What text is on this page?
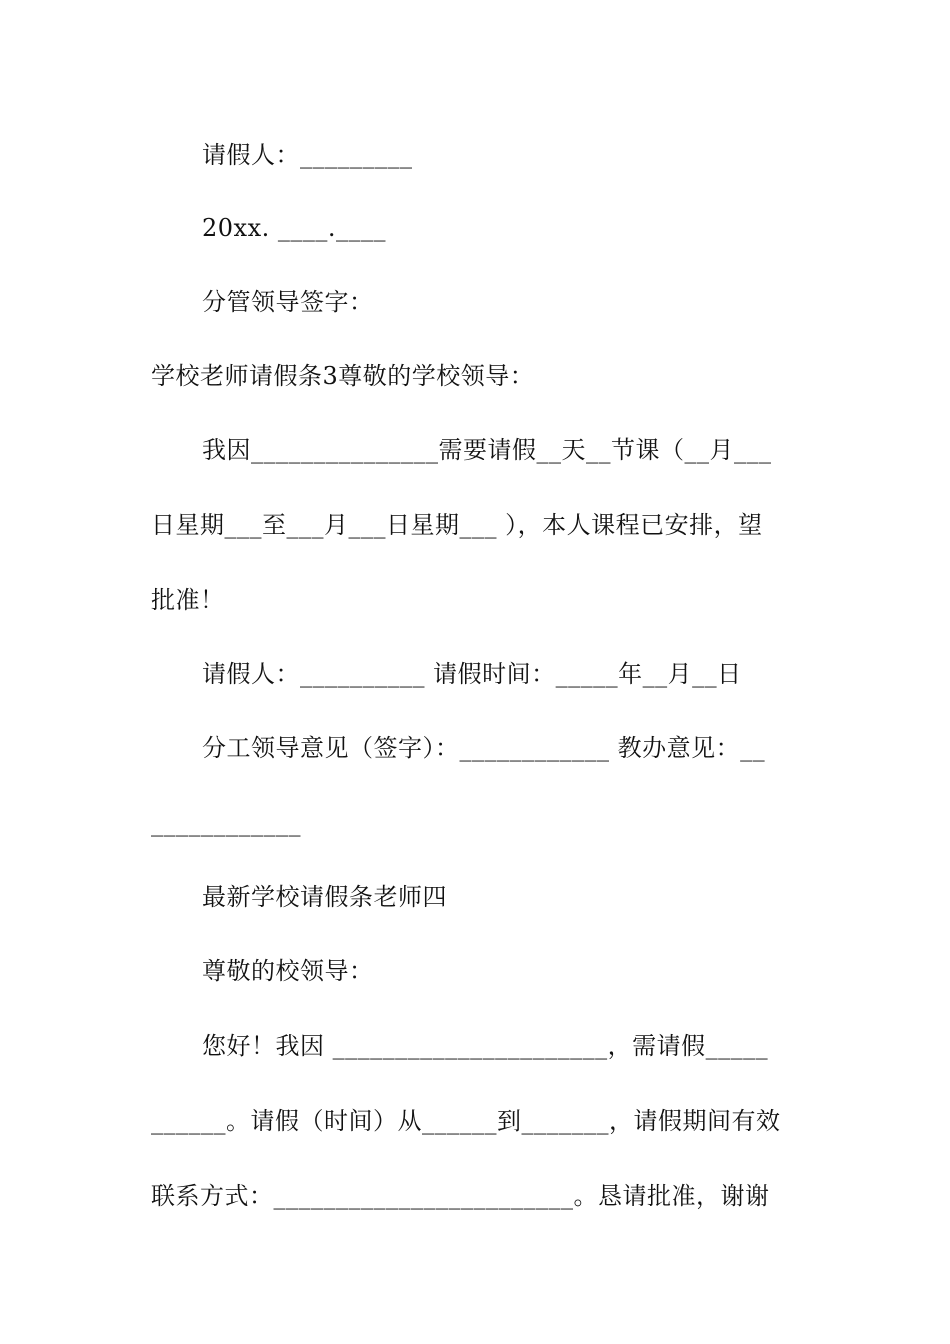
请假人：_________
20xx. ____.____
分管领导签字：
学校老师请假条3尊敬的学校领导：
我因_______________需要请假__天__节课（__月___
日星期___至___月___日星期___ ），本人课程已安排，望
批准！
请假人：__________ 请假时间：_____年__月__日
分工领导意见（签字）：____________ 教办意见：__
____________
最新学校请假条老师四
尊敬的校领导：
您好！我因 ______________________，需请假_____
______。请假（时间）从______到_______，请假期间有效
联系方式：________________________。恳请批准，谢谢
